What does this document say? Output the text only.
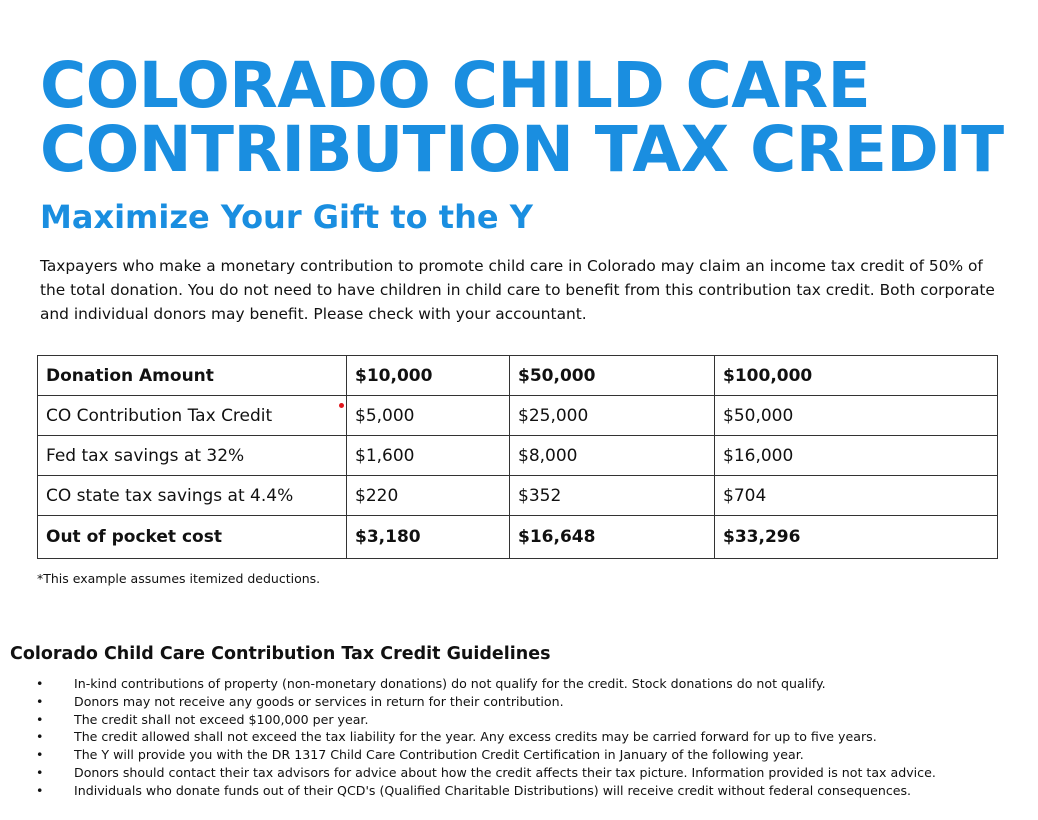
COLORADO CHILD CARE
CONTRIBUTION TAX CREDIT
Maximize Your Gift to the Y

Taxpayers who make a monetary contribution to promote child care in Colorado may claim an income tax credit of 50% of the total donation. You do not need to have children in child care to benefit from this contribution tax credit. Both corporate and individual donors may benefit. Please check with your accountant.

Donation Amount	$10,000	$50,000	$100,000
CO Contribution Tax Credit	$5,000	$25,000	$50,000
Fed tax savings at 32%	$1,600	$8,000	$16,000
CO state tax savings at 4.4%	$220	$352	$704
Out of pocket cost	$3,180	$16,648	$33,296

*This example assumes itemized deductions.

Colorado Child Care Contribution Tax Credit Guidelines
• In-kind contributions of property (non-monetary donations) do not qualify for the credit. Stock donations do not qualify.
• Donors may not receive any goods or services in return for their contribution.
• The credit shall not exceed $100,000 per year.
• The credit allowed shall not exceed the tax liability for the year. Any excess credits may be carried forward for up to five years.
• The Y will provide you with the DR 1317 Child Care Contribution Credit Certification in January of the following year.
• Donors should contact their tax advisors for advice about how the credit affects their tax picture. Information provided is not tax advice.
• Individuals who donate funds out of their QCD's (Qualified Charitable Distributions) will receive credit without federal consequences.
